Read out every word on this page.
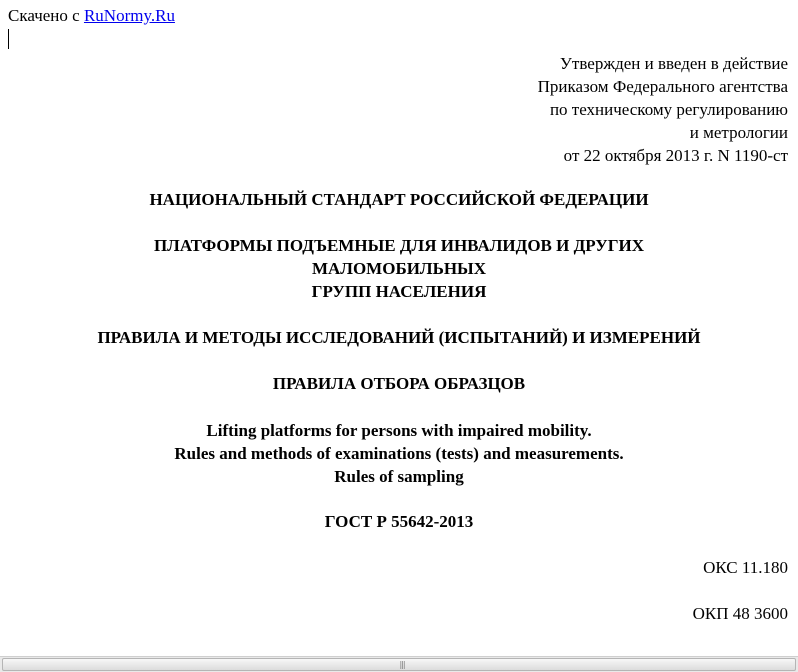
Скачено с RuNormy.Ru
Утвержден и введен в действие
Приказом Федерального агентства
по техническому регулированию
и метрологии
от 22 октября 2013 г. N 1190-ст
НАЦИОНАЛЬНЫЙ СТАНДАРТ РОССИЙСКОЙ ФЕДЕРАЦИИ
ПЛАТФОРМЫ ПОДЪЕМНЫЕ ДЛЯ ИНВАЛИДОВ И ДРУГИХ
МАЛОМОБИЛЬНЫХ
ГРУПП НАСЕЛЕНИЯ
ПРАВИЛА И МЕТОДЫ ИССЛЕДОВАНИЙ (ИСПЫТАНИЙ) И ИЗМЕРЕНИЙ
ПРАВИЛА ОТБОРА ОБРАЗЦОВ
Lifting platforms for persons with impaired mobility.
Rules and methods of examinations (tests) and measurements.
Rules of sampling
ГОСТ Р 55642-2013
ОКС 11.180
ОКП 48 3600
|||
